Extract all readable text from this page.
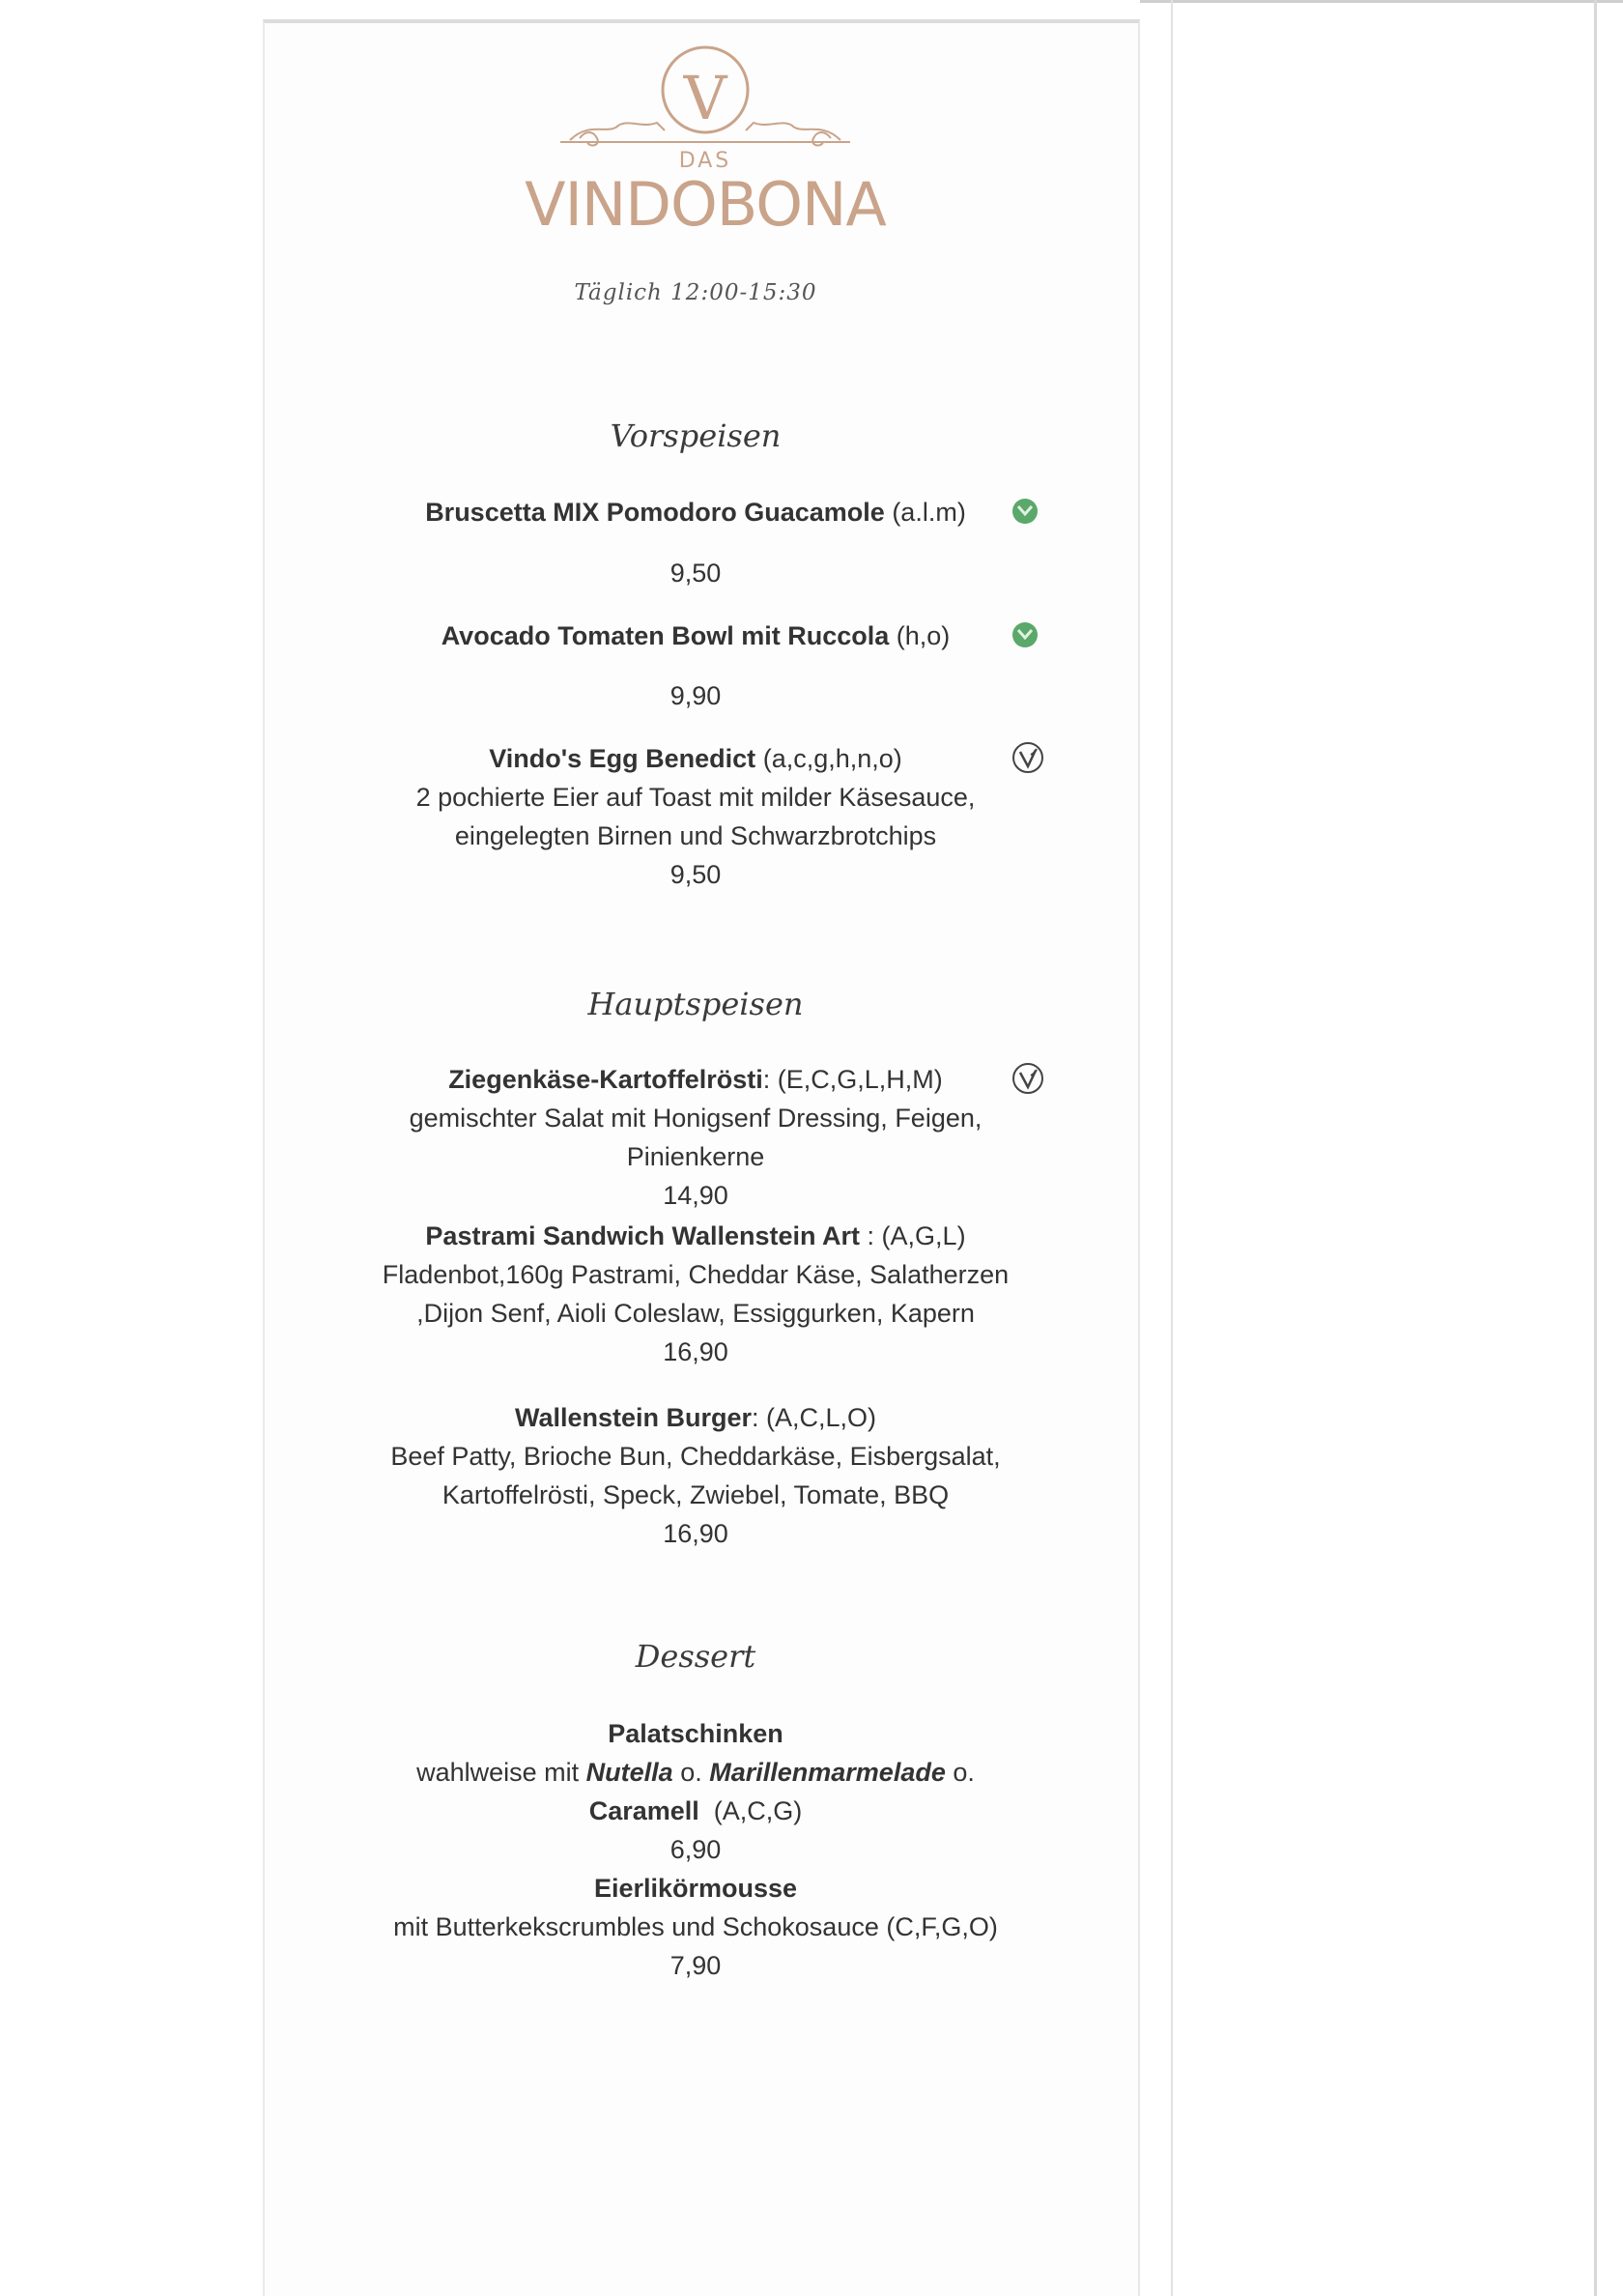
V
DAS
VINDOBONA
Täglich 12:00-15:30
Vorspeisen
Bruscetta MIX Pomodoro Guacamole (a.l.m)
9,50
Avocado Tomaten Bowl mit Ruccola (h,o)
9,90
Vindo's Egg Benedict (a,c,g,h,n,o)
2 pochierte Eier auf Toast mit milder Käsesauce,
eingelegten Birnen und Schwarzbrotchips
9,50
Hauptspeisen
Ziegenkäse-Kartoffelrösti: (E,C,G,L,H,M)
gemischter Salat mit Honigsenf Dressing, Feigen,
Pinienkerne
14,90
Pastrami Sandwich Wallenstein Art : (A,G,L)
Fladenbot,160g Pastrami, Cheddar Käse, Salatherzen
,Dijon Senf, Aioli Coleslaw, Essiggurken, Kapern
16,90
Wallenstein Burger: (A,C,L,O)
Beef Patty, Brioche Bun, Cheddarkäse, Eisbergsalat,
Kartoffelrösti, Speck, Zwiebel, Tomate, BBQ
16,90
Dessert
Palatschinken
wahlweise mit Nutella o. Marillenmarmelade o.
Caramell  (A,C,G)
6,90
Eierlikörmousse
mit Butterkekscrumbles und Schokosauce (C,F,G,O)
7,90
